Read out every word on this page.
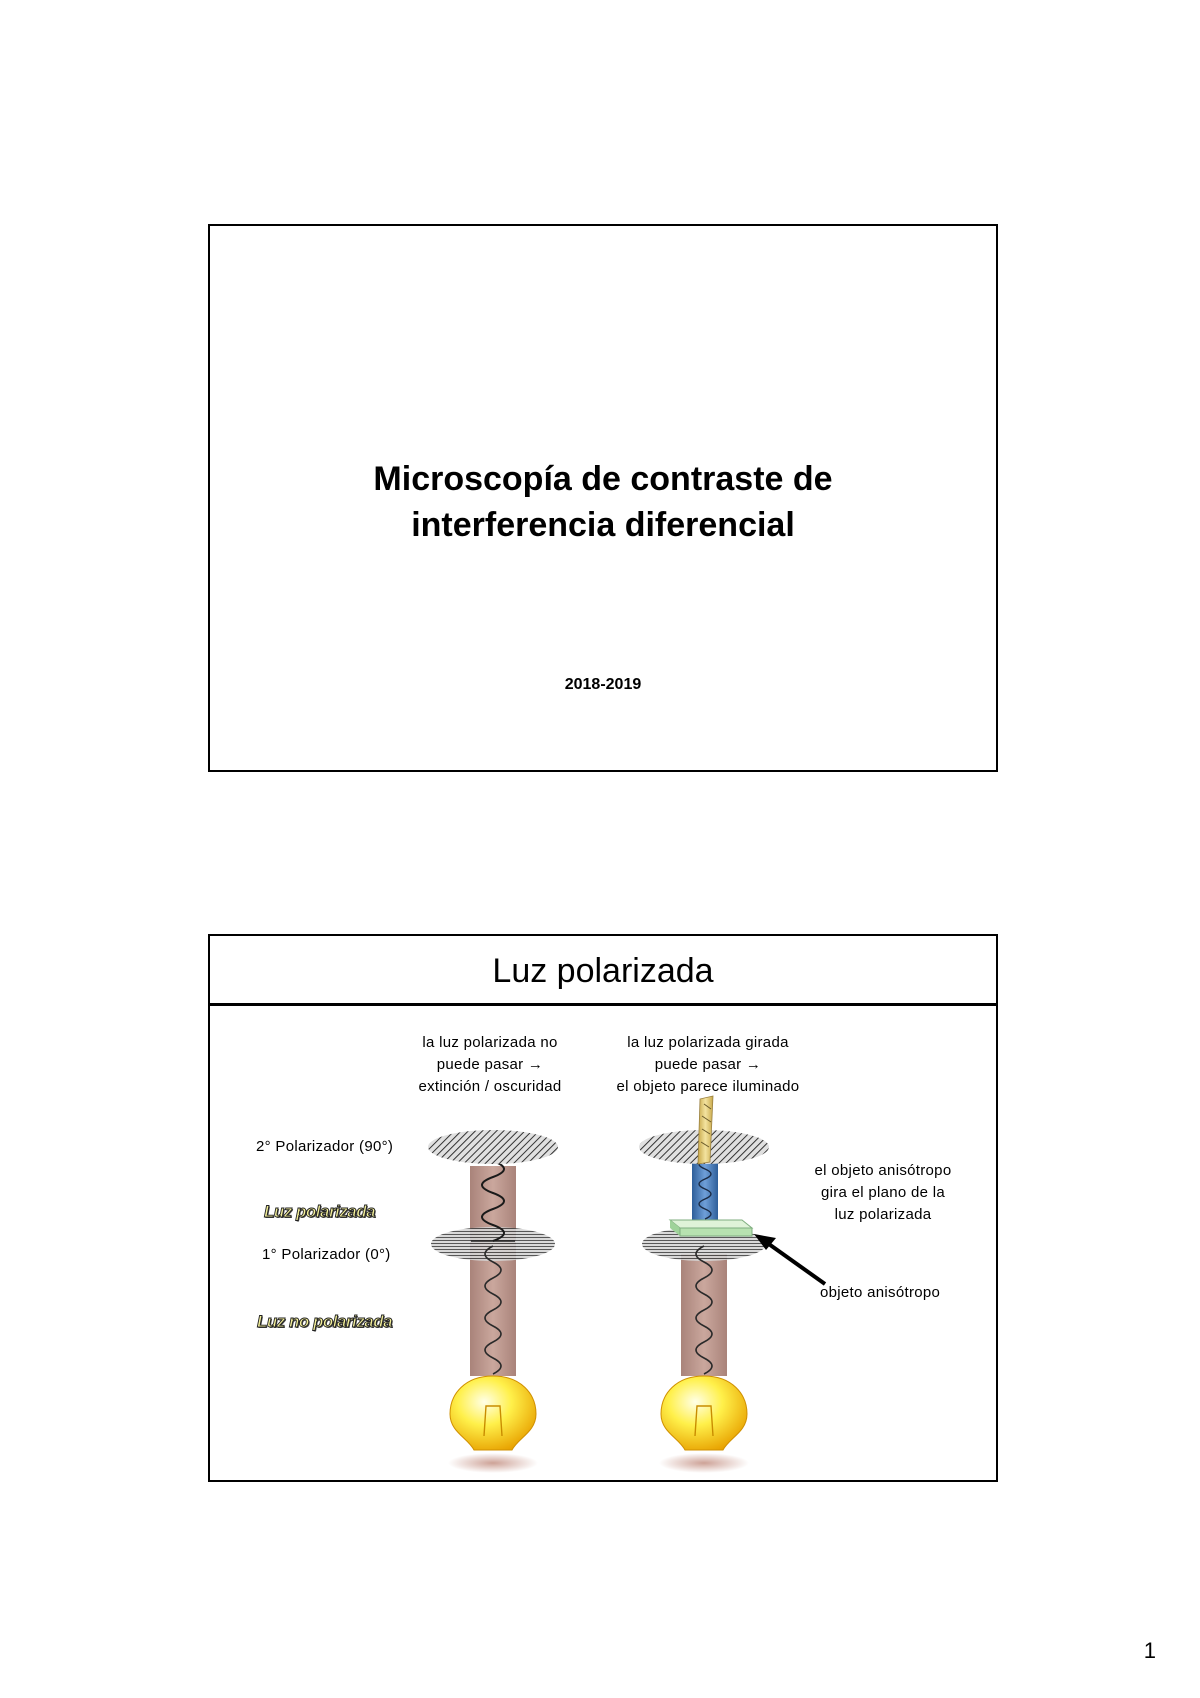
Microscopía de contraste de
interferencia diferencial
2018-2019
Luz polarizada
la luz polarizada no
puede pasar →
extinción / oscuridad
la luz polarizada girada
puede pasar →
el objeto parece iluminado
2° Polarizador (90°)
Luz polarizada
1° Polarizador (0°)
Luz no polarizada
el objeto anisótropo
gira el plano de la
luz polarizada
objeto anisótropo
1
